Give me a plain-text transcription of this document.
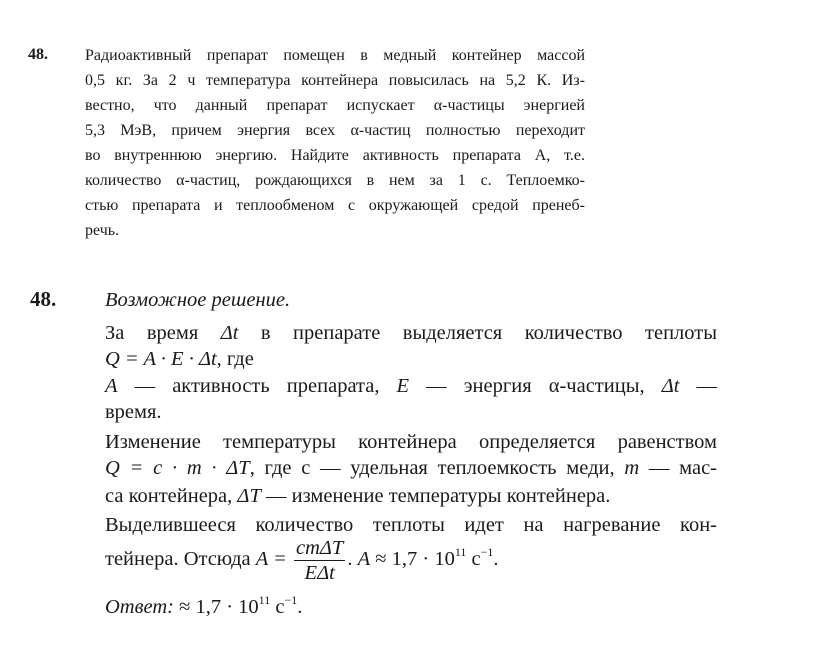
48. Радиоактивный препарат помещен в медный контейнер массой
0,5 кг. За 2 ч температура контейнера повысилась на 5,2 К. Из-
вестно, что данный препарат испускает α-частицы энергией
5,3 МэВ, причем энергия всех α-частиц полностью переходит
во внутреннюю энергию. Найдите активность препарата А, т.е.
количество α-частиц, рождающихся в нем за 1 с. Теплоемко-
стью препарата и теплообменом с окружающей средой пренеб-
речь.
48. Возможное решение.
За время Δt в препарате выделяется количество теплоты
Q = A · E · Δt, где
A — активность препарата, E — энергия α-частицы, Δt —
время.
Изменение температуры контейнера определяется равенством
Q = c · m · ΔT, где с — удельная теплоемкость меди, m — мас-
са контейнера, ΔT — изменение температуры контейнера.
Выделившееся количество теплоты идет на нагревание кон-
тейнера. Отсюда $A = \frac{\text{cmΔT}}{\text{EΔt}}$ . $A \approx 1,7 \cdot 10^{11}$ $с^{-1}$.
Ответ: ≈ $1,7 \cdot 10^{11}$ $с^{-1}$.
